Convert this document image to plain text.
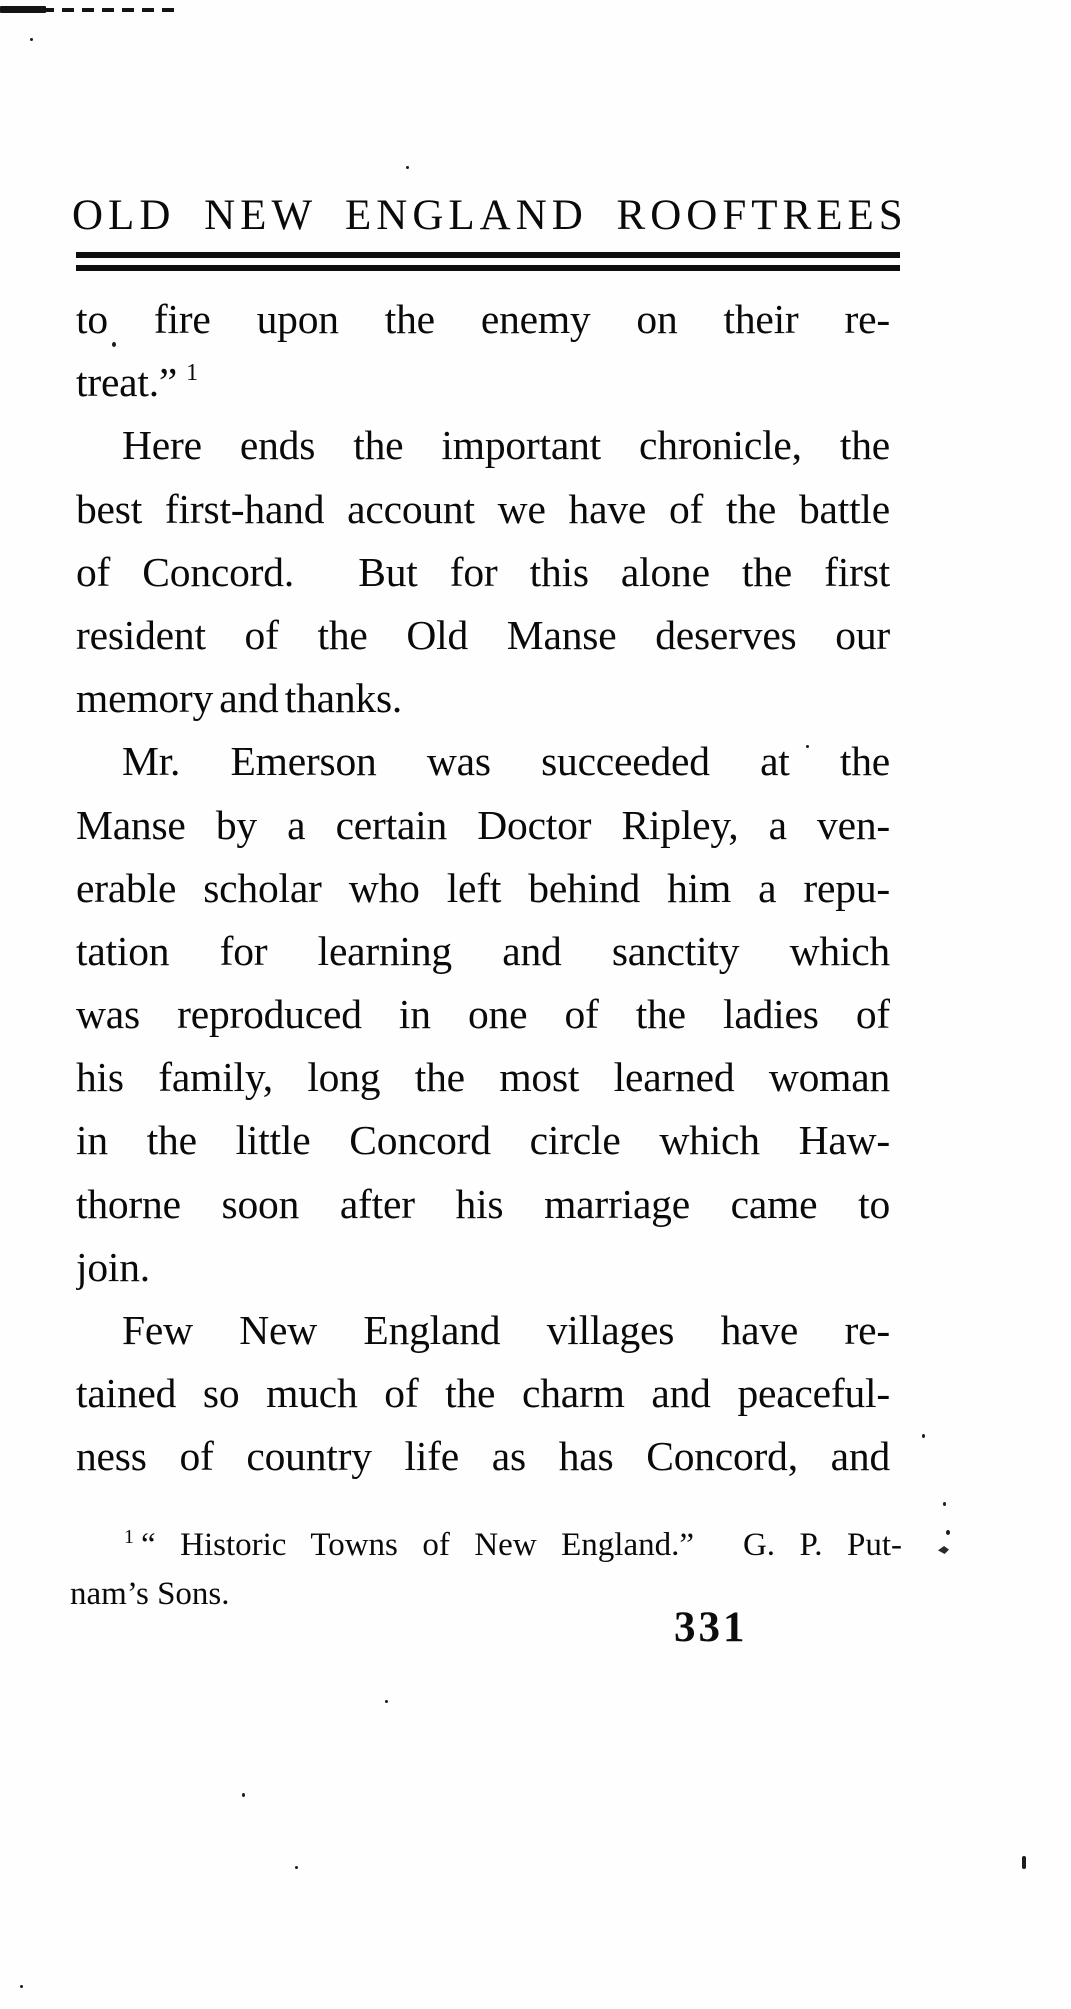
OLD NEW ENGLAND ROOFTREES
to fire upon the enemy on their re-
treat.” $^1$
Here ends the important chronicle, the
best first-hand account we have of the battle
of Concord.  But for this alone the first
resident of the Old Manse deserves our
memory and thanks.
Mr. Emerson was succeeded at the
Manse by a certain Doctor Ripley, a ven-
erable scholar who left behind him a repu-
tation for learning and sanctity which
was reproduced in one of the ladies of
his family, long the most learned woman
in the little Concord circle which Haw-
thorne soon after his marriage came to
join.
Few New England villages have re-
tained so much of the charm and peaceful-
ness of country life as has Concord, and
$^1$ “ Historic Towns of New England.”  G. P. Put-
nam’s Sons.
331
